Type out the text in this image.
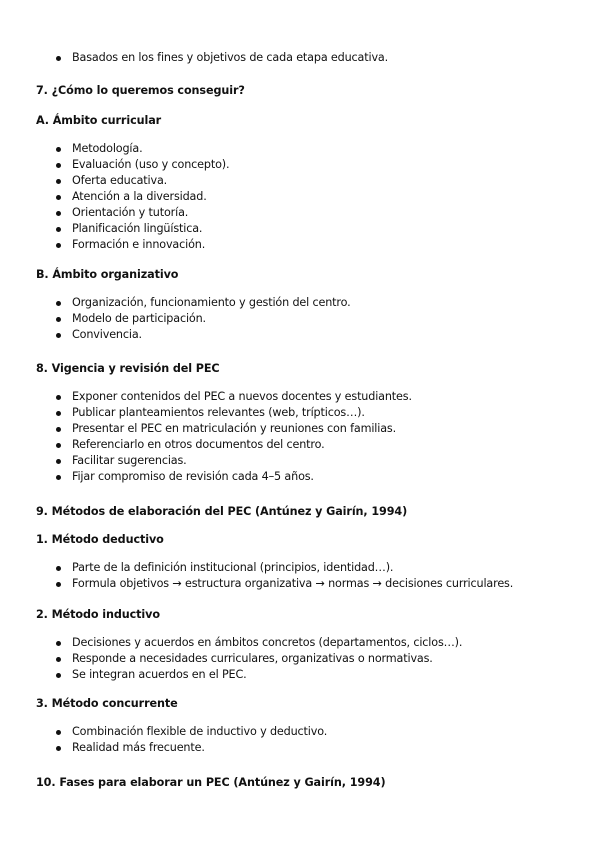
Basados en los fines y objetivos de cada etapa educativa.
7. ¿Cómo lo queremos conseguir?
A. Ámbito curricular
Metodología.
Evaluación (uso y concepto).
Oferta educativa.
Atención a la diversidad.
Orientación y tutoría.
Planificación lingüística.
Formación e innovación.
B. Ámbito organizativo
Organización, funcionamiento y gestión del centro.
Modelo de participación.
Convivencia.
8. Vigencia y revisión del PEC
Exponer contenidos del PEC a nuevos docentes y estudiantes.
Publicar planteamientos relevantes (web, trípticos…).
Presentar el PEC en matriculación y reuniones con familias.
Referenciarlo en otros documentos del centro.
Facilitar sugerencias.
Fijar compromiso de revisión cada 4–5 años.
9. Métodos de elaboración del PEC (Antúnez y Gairín, 1994)
1. Método deductivo
Parte de la definición institucional (principios, identidad…).
Formula objetivos → estructura organizativa → normas → decisiones curriculares.
2. Método inductivo
Decisiones y acuerdos en ámbitos concretos (departamentos, ciclos…).
Responde a necesidades curriculares, organizativas o normativas.
Se integran acuerdos en el PEC.
3. Método concurrente
Combinación flexible de inductivo y deductivo.
Realidad más frecuente.
10. Fases para elaborar un PEC (Antúnez y Gairín, 1994)
